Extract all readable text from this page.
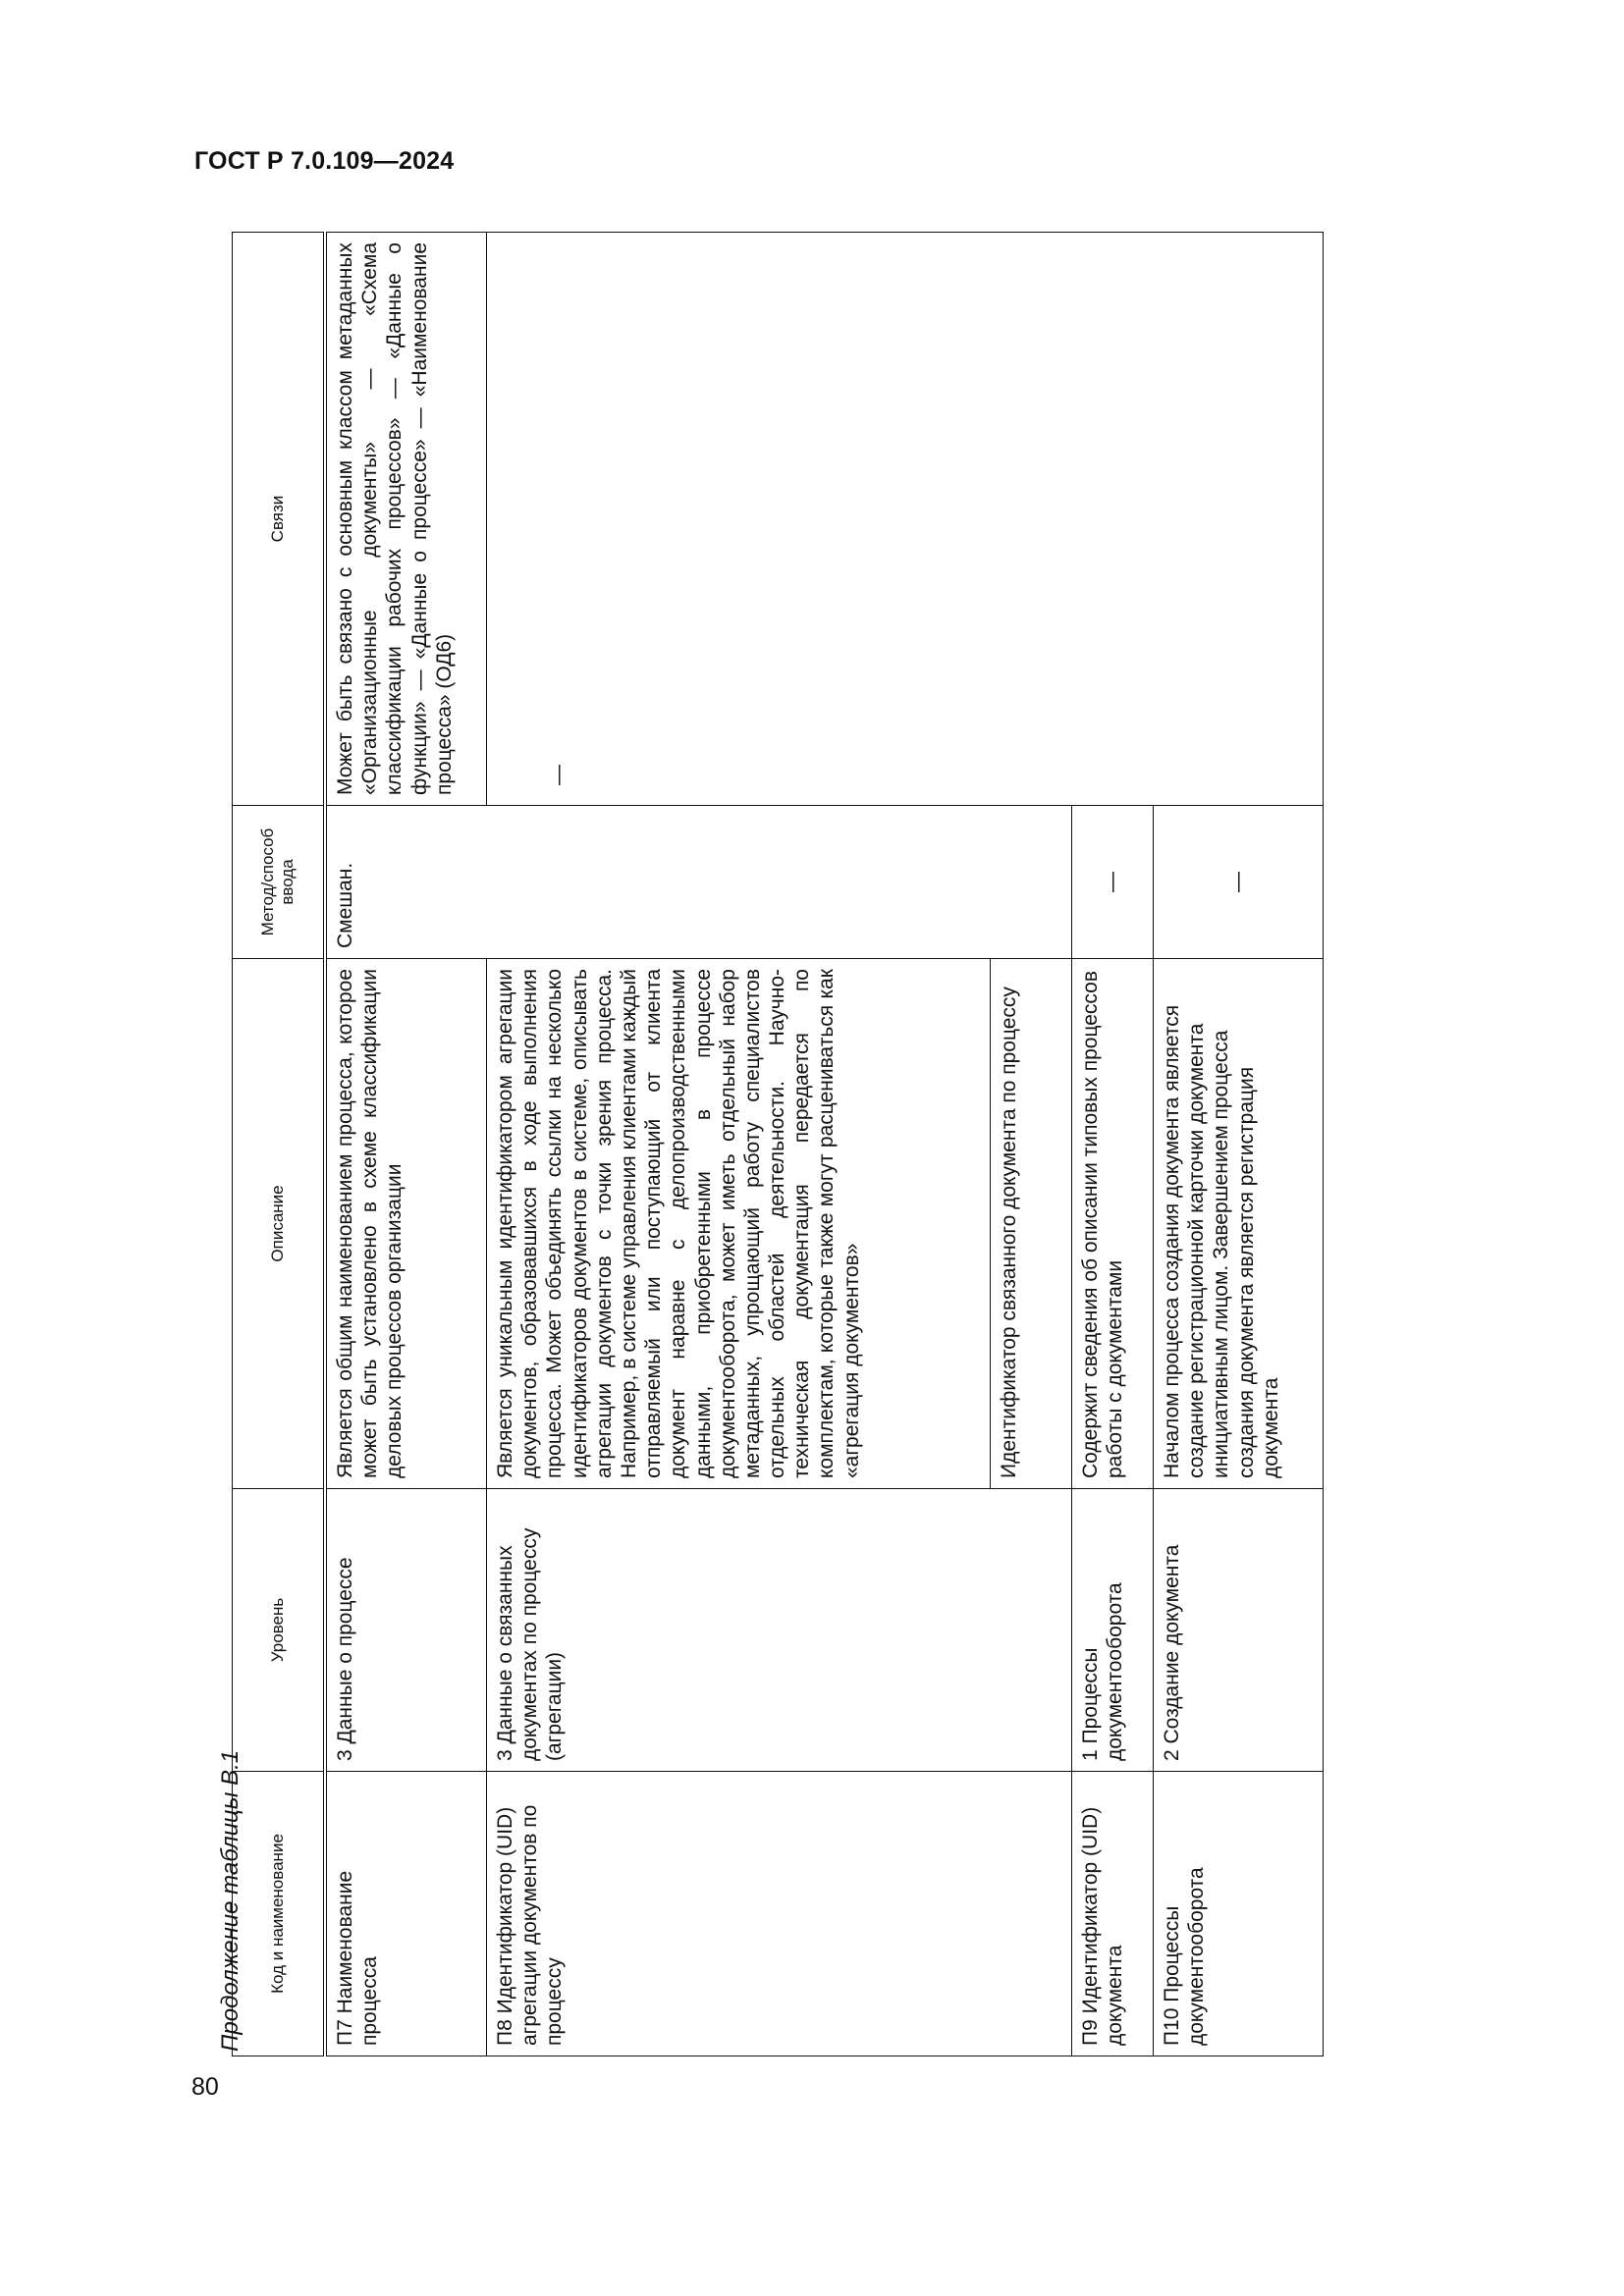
ГОСТ Р 7.0.109—2024
Продолжение таблицы В.1 Код и наименование	Уровень	Описание	Метод/способ ввода	Связи
П7 Наименование процесса	3 Данные о процессе	Является общим наименованием процесса, которое может быть установлено в схеме классификации деловых процессов организации	Смешан.	Может быть связано с основным классом метаданных «Организационные документы» — «Схема классификации рабочих процессов» — «Данные о функции» — «Данные о процессе» — «Наименование процесса» (ОД6)
П8 Идентификатор (UID) агрегации документов по процессу	3 Данные о связанных документах по процессу (агрегации)	Является уникальным идентификатором агрегации документов, образовавшихся в ходе выполнения процесса. Может объединять ссылки на несколько идентификаторов документов в системе, описывать агрегации документов с точки зрения процесса. Например, в системе управления клиентами каждый отправляемый или поступающий от клиента документ наравне с делопроизводственными данными, приобретенными в процессе документооборота, может иметь отдельный набор метаданных, упрощающий работу специалистов отдельных областей деятельности. Научно-техническая документация передается по комплектам, которые также могут расцениваться как «агрегация документов»		—
		Идентификатор связанного документа по процессу		
П9 Идентификатор (UID) документа	1 Процессы документооборота	Содержит сведения об описании типовых процессов работы с документами	—	
П10 Процессы документооборота	2 Создание документа	Началом процесса создания документа является создание регистрационной карточки документа инициативным лицом. Завершением процесса создания документа является регистрация документа	—	

80
